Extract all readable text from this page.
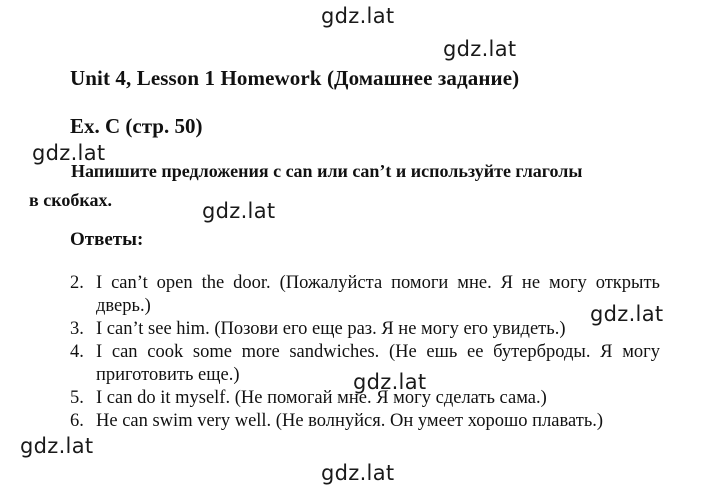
Unit 4, Lesson 1 Homework (Домашнее задание)
Ex. C (стр. 50)
Напишите предложения с can или can’t и используйте глаголы
в скобках.
Ответы:
2. I can’t open the door. (Пожалуйста помоги мне. Я не могу открыть дверь.)
3. I can’t see him. (Позови его еще раз. Я не могу его увидеть.)
4. I can cook some more sandwiches. (Не ешь ее бутерброды. Я могу приготовить еще.)
5. I can do it myself. (Не помогай мне. Я могу сделать сама.)
6. He can swim very well. (Не волнуйся. Он умеет хорошо плавать.)
gdz.lat
gdz.lat
gdz.lat
gdz.lat
gdz.lat
gdz.lat
gdz.lat
gdz.lat
